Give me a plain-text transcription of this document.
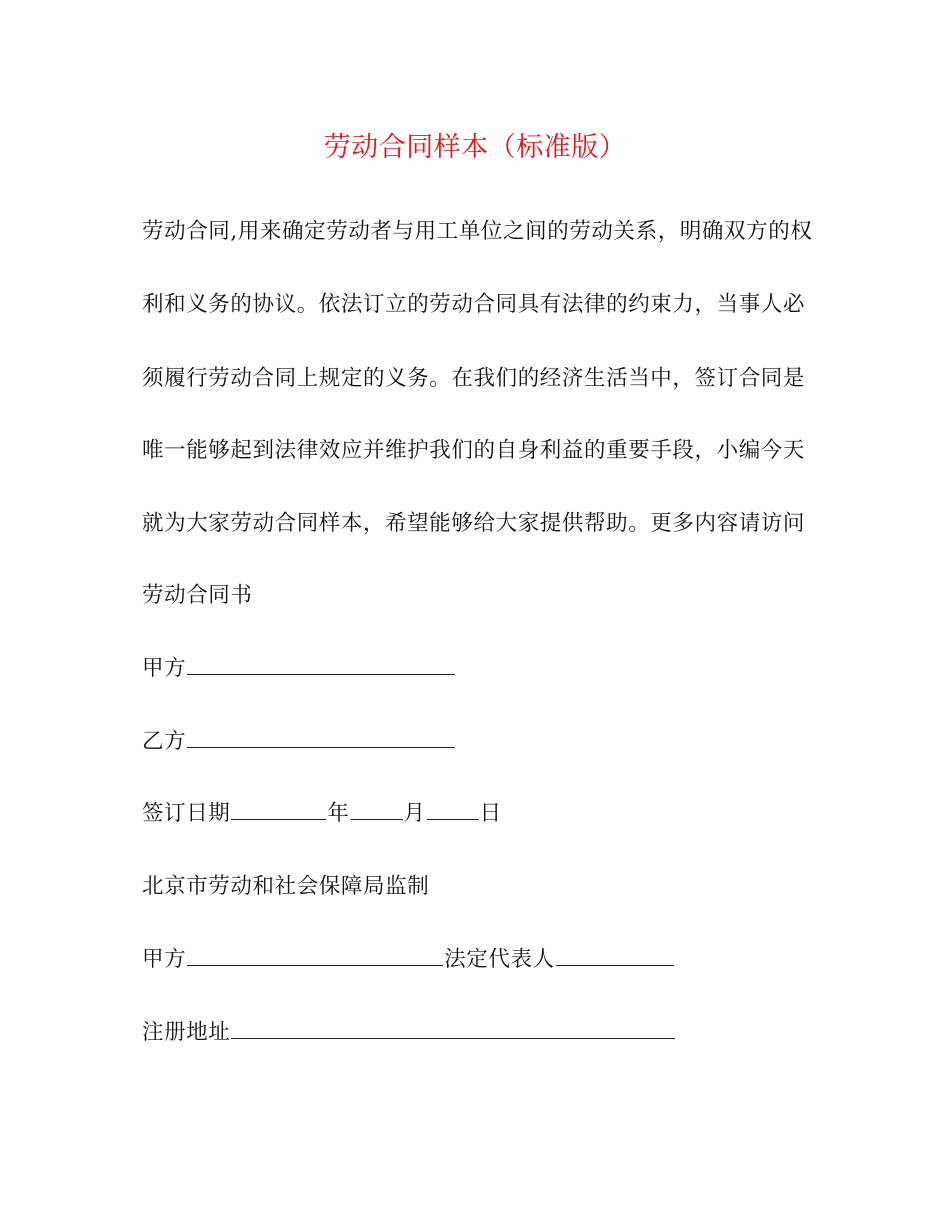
劳动合同样本（标准版）
劳动合同,用来确定劳动者与用工单位之间的劳动关系，明确双方的权
利和义务的协议。依法订立的劳动合同具有法律的约束力，当事人必
须履行劳动合同上规定的义务。在我们的经济生活当中，签订合同是
唯一能够起到法律效应并维护我们的自身利益的重要手段，小编今天
就为大家劳动合同样本，希望能够给大家提供帮助。更多内容请访问
劳动合同书
甲方
乙方
签订日期	年	月	日
北京市劳动和社会保障局监制
甲方	法定代表人
注册地址
